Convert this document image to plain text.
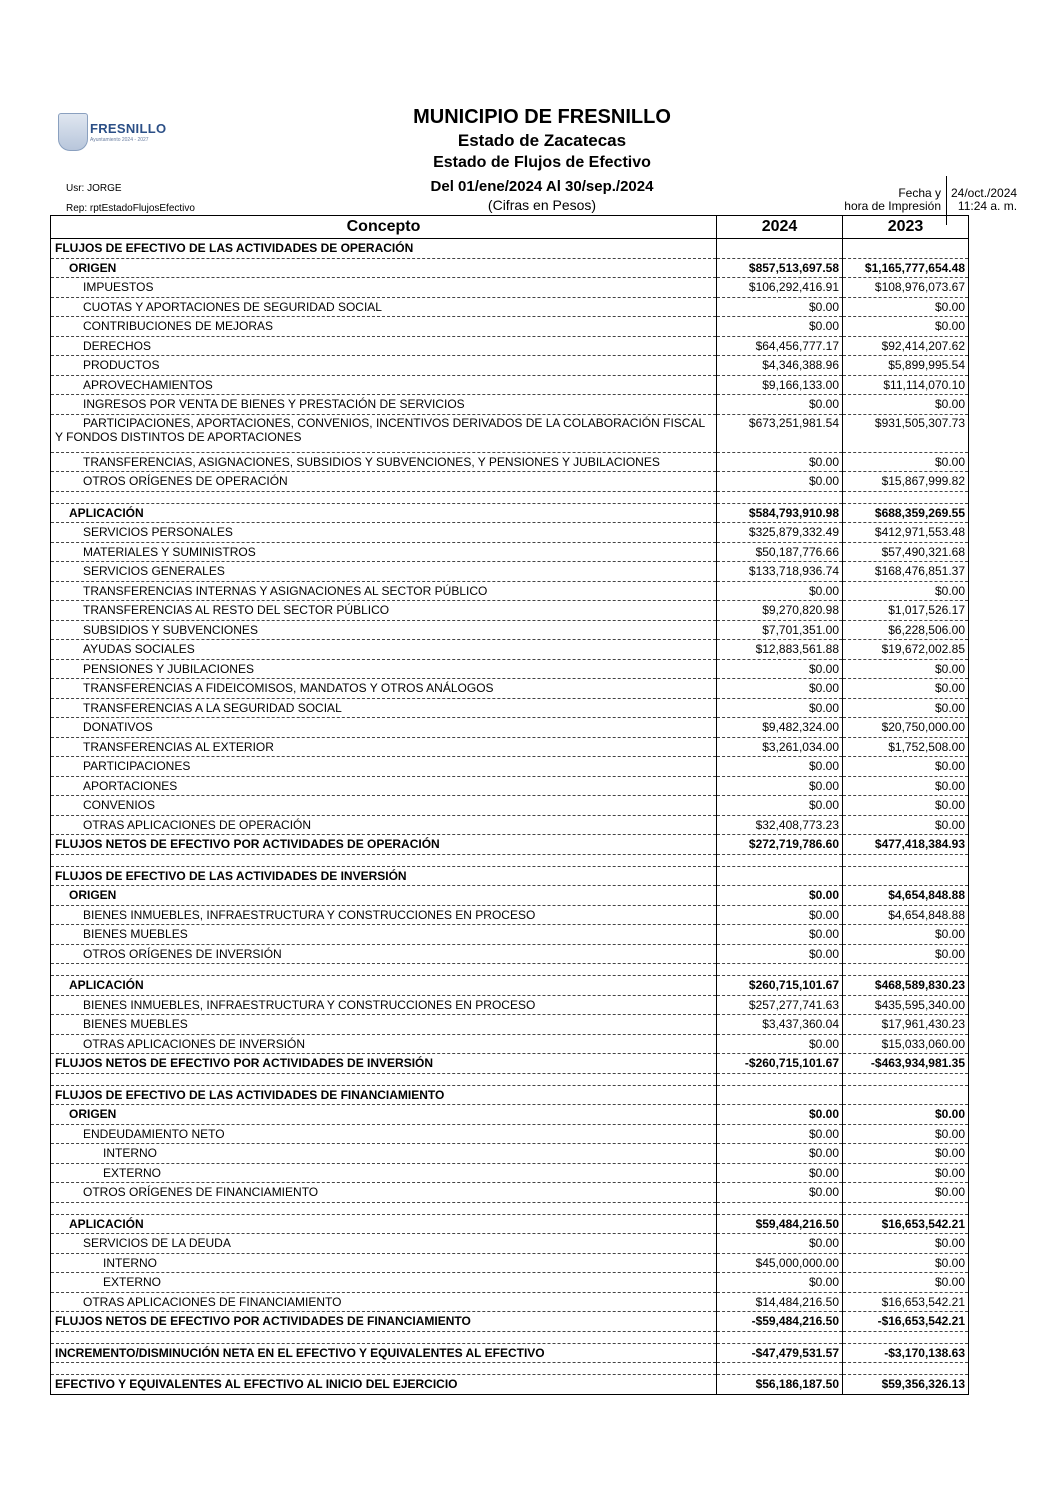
FRESNILLO
Ayuntamiento 2024 - 2027
MUNICIPIO DE FRESNILLO
Estado de Zacatecas
Estado de Flujos de Efectivo
Del 01/ene/2024 Al 30/sep./2024
(Cifras en Pesos)
Usr: JORGE
Rep: rptEstadoFlujosEfectivo
Fecha y
hora de Impresión
24/oct./2024
11:24 a. m.
Concepto	2024	2023
FLUJOS DE EFECTIVO DE LAS ACTIVIDADES DE OPERACIÓN		
ORIGEN	$857,513,697.58	$1,165,777,654.48
IMPUESTOS	$106,292,416.91	$108,976,073.67
CUOTAS Y APORTACIONES DE SEGURIDAD SOCIAL	$0.00	$0.00
CONTRIBUCIONES DE MEJORAS	$0.00	$0.00
DERECHOS	$64,456,777.17	$92,414,207.62
PRODUCTOS	$4,346,388.96	$5,899,995.54
APROVECHAMIENTOS	$9,166,133.00	$11,114,070.10
INGRESOS POR VENTA DE BIENES Y PRESTACIÓN DE SERVICIOS	$0.00	$0.00

PARTICIPACIONES, APORTACIONES, CONVENIOS, INCENTIVOS DERIVADOS DE LA COLABORACIÓN FISCAL Y FONDOS DISTINTOS DE APORTACIONES	$673,251,981.54	$931,505,307.73
TRANSFERENCIAS, ASIGNACIONES, SUBSIDIOS Y SUBVENCIONES, Y PENSIONES Y JUBILACIONES	$0.00	$0.00
OTROS ORÍGENES DE OPERACIÓN	$0.00	$15,867,999.82

APLICACIÓN	$584,793,910.98	$688,359,269.55
SERVICIOS PERSONALES	$325,879,332.49	$412,971,553.48
MATERIALES Y SUMINISTROS	$50,187,776.66	$57,490,321.68
SERVICIOS GENERALES	$133,718,936.74	$168,476,851.37
TRANSFERENCIAS INTERNAS Y ASIGNACIONES AL SECTOR PÚBLICO	$0.00	$0.00
TRANSFERENCIAS AL RESTO DEL SECTOR PÚBLICO	$9,270,820.98	$1,017,526.17
SUBSIDIOS Y SUBVENCIONES	$7,701,351.00	$6,228,506.00
AYUDAS SOCIALES	$12,883,561.88	$19,672,002.85
PENSIONES Y JUBILACIONES	$0.00	$0.00
TRANSFERENCIAS A FIDEICOMISOS, MANDATOS Y OTROS ANÁLOGOS	$0.00	$0.00
TRANSFERENCIAS A LA SEGURIDAD SOCIAL	$0.00	$0.00
DONATIVOS	$9,482,324.00	$20,750,000.00
TRANSFERENCIAS AL EXTERIOR	$3,261,034.00	$1,752,508.00
PARTICIPACIONES	$0.00	$0.00
APORTACIONES	$0.00	$0.00
CONVENIOS	$0.00	$0.00
OTRAS APLICACIONES DE OPERACIÓN	$32,408,773.23	$0.00
FLUJOS NETOS DE EFECTIVO POR ACTIVIDADES DE OPERACIÓN	$272,719,786.60	$477,418,384.93

FLUJOS DE EFECTIVO DE LAS ACTIVIDADES DE INVERSIÓN		
ORIGEN	$0.00	$4,654,848.88
BIENES INMUEBLES, INFRAESTRUCTURA Y CONSTRUCCIONES EN PROCESO	$0.00	$4,654,848.88
BIENES MUEBLES	$0.00	$0.00
OTROS ORÍGENES DE INVERSIÓN	$0.00	$0.00

APLICACIÓN	$260,715,101.67	$468,589,830.23
BIENES INMUEBLES, INFRAESTRUCTURA Y CONSTRUCCIONES EN PROCESO	$257,277,741.63	$435,595,340.00
BIENES MUEBLES	$3,437,360.04	$17,961,430.23
OTRAS APLICACIONES DE INVERSIÓN	$0.00	$15,033,060.00
FLUJOS NETOS DE EFECTIVO POR ACTIVIDADES DE INVERSIÓN	-$260,715,101.67	-$463,934,981.35

FLUJOS DE EFECTIVO DE LAS ACTIVIDADES DE FINANCIAMIENTO		
ORIGEN	$0.00	$0.00
ENDEUDAMIENTO NETO	$0.00	$0.00
INTERNO	$0.00	$0.00
EXTERNO	$0.00	$0.00
OTROS ORÍGENES DE FINANCIAMIENTO	$0.00	$0.00

APLICACIÓN	$59,484,216.50	$16,653,542.21
SERVICIOS DE LA DEUDA	$0.00	$0.00
INTERNO	$45,000,000.00	$0.00
EXTERNO	$0.00	$0.00
OTRAS APLICACIONES DE FINANCIAMIENTO	$14,484,216.50	$16,653,542.21
FLUJOS NETOS DE EFECTIVO POR ACTIVIDADES DE FINANCIAMIENTO	-$59,484,216.50	-$16,653,542.21

INCREMENTO/DISMINUCIÓN NETA EN EL EFECTIVO Y EQUIVALENTES AL EFECTIVO	-$47,479,531.57	-$3,170,138.63

EFECTIVO Y EQUIVALENTES AL EFECTIVO AL INICIO DEL EJERCICIO	$56,186,187.50	$59,356,326.13
